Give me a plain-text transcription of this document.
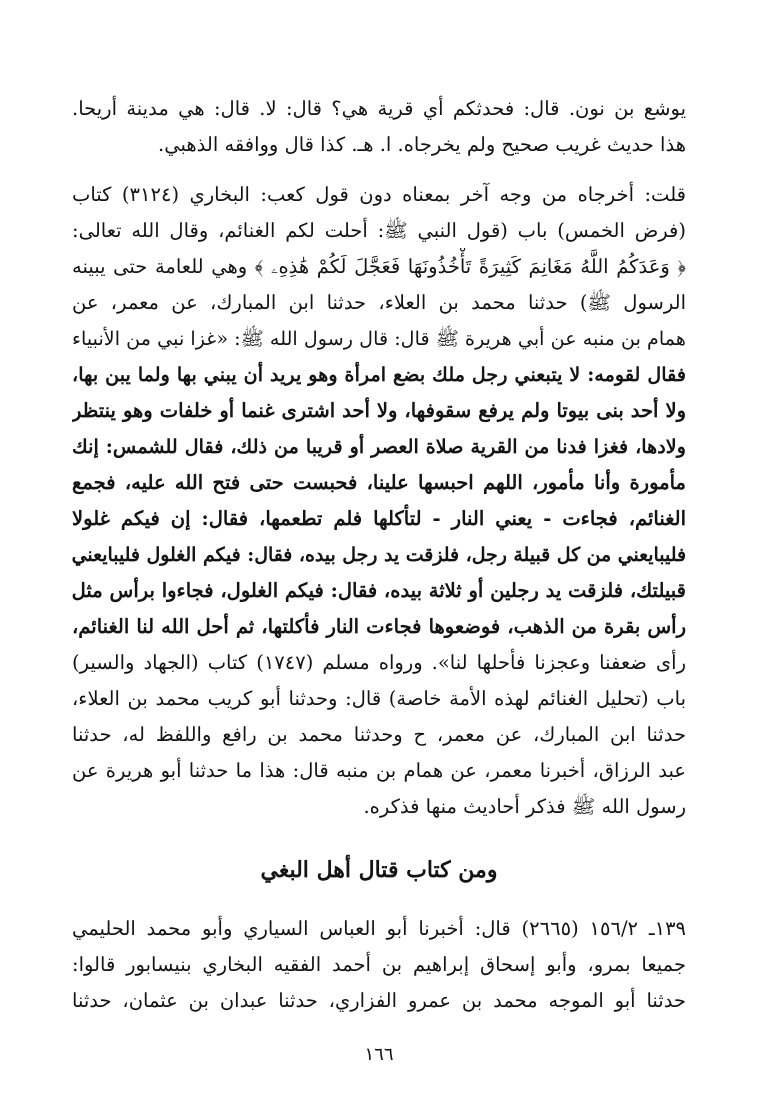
يوشع بن نون. قال: فحدثكم أي قرية هي؟ قال: لا. قال: هي مدينة أريحا.
هذا حديث غريب صحيح ولم يخرجاه. ا. هـ. كذا قال ووافقه الذهبي.
قلت: أخرجاه من وجه آخر بمعناه دون قول كعب: البخاري (٣١٢٤) كتاب
(فرض الخمس) باب (قول النبي ﷺ: أحلت لكم الغنائم، وقال الله تعالى:
﴿ وَعَدَكُمُ اللَّهُ مَغَانِمَ كَثِيرَةً تَأْخُذُونَهَا فَعَجَّلَ لَكُمْ هَٰذِهِۦ ﴾ وهي للعامة حتى يبينه
الرسول ﷺ) حدثنا محمد بن العلاء، حدثنا ابن المبارك، عن معمر، عن
همام بن منبه عن أبي هريرة ﷺ قال: قال رسول الله ﷺ: «غزا نبي من الأنبياء
فقال لقومه: لا يتبعني رجل ملك بضع امرأة وهو يريد أن يبني بها ولما يبن بها،
ولا أحد بنى بيوتا ولم يرفع سقوفها، ولا أحد اشترى غنما أو خلفات وهو ينتظر
ولادها، فغزا فدنا من القرية صلاة العصر أو قريبا من ذلك، فقال للشمس: إنك
مأمورة وأنا مأمور، اللهم احبسها علينا، فحبست حتى فتح الله عليه، فجمع
الغنائم، فجاءت - يعني النار - لتأكلها فلم تطعمها، فقال: إن فيكم غلولا
فليبايعني من كل قبيلة رجل، فلزقت يد رجل بيده، فقال: فيكم الغلول فليبايعني
قبيلتك، فلزقت يد رجلين أو ثلاثة بيده، فقال: فيكم الغلول، فجاءوا برأس مثل
رأس بقرة من الذهب، فوضعوها فجاءت النار فأكلتها، ثم أحل الله لنا الغنائم،
رأى ضعفنا وعجزنا فأحلها لنا». ورواه مسلم (١٧٤٧) كتاب (الجهاد والسير)
باب (تحليل الغنائم لهذه الأمة خاصة) قال: وحدثنا أبو كريب محمد بن العلاء،
حدثنا ابن المبارك، عن معمر، ح وحدثنا محمد بن رافع واللفظ له، حدثنا
عبد الرزاق، أخبرنا معمر، عن همام بن منبه قال: هذا ما حدثنا أبو هريرة عن
رسول الله ﷺ فذكر أحاديث منها فذكره.
ومن كتاب قتال أهل البغي
١٣٩ـ ١٥٦/٢ (٢٦٦٥) قال: أخبرنا أبو العباس السياري وأبو محمد الحليمي
جميعا بمرو، وأبو إسحاق إبراهيم بن أحمد الفقيه البخاري بنيسابور قالوا:
حدثنا أبو الموجه محمد بن عمرو الفزاري، حدثنا عبدان بن عثمان، حدثنا
١٦٦
